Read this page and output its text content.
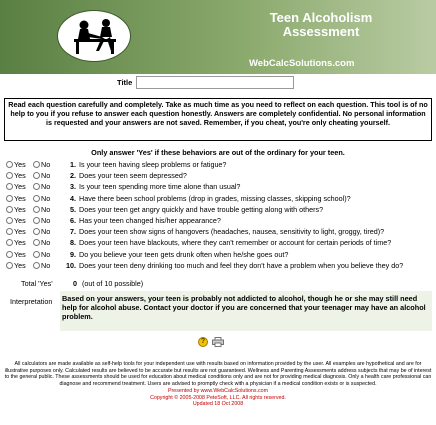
Teen Alcoholism
Assessment
WebCalcSolutions.com
Title
Read each question carefully and completely. Take as much time as you need to reflect on each question. This tool is of no help to you if you refuse to answer each question honestly. Answers are completely confidential. No personal information is requested and your answers are not saved. Remember, if you cheat, you're only cheating yourself.
Only answer 'Yes' if these behaviors are out of the ordinary for your teen.
Yes No	1. Is your teen having sleep problems or fatigue?
Yes No	2. Does your teen seem depressed?
Yes No	3. Is your teen spending more time alone than usual?
Yes No	4. Have there been school problems (drop in grades, missing classes, skipping school)?
Yes No	5. Does your teen get angry quickly and have trouble getting along with others?
Yes No	6. Has your teen changed his/her appearance?
Yes No	7. Does your teen show signs of hangovers (headaches, nausea, sensitivity to light, groggy, tired)?
Yes No	8. Does your teen have blackouts, where they can't remember or account for certain periods of time?
Yes No	9. Do you believe your teen gets drunk often when he/she goes out?
Yes No 10. Does your teen deny drinking too much and feel they don't have a problem when you believe they do?
Total 'Yes'	0 (out of 10 possible)
Interpretation Based on your answers, your teen is probably not addicted to alcohol, though he or she may still need help for alcohol abuse. Contact your doctor if you are concerned that your teenager may have an alcohol problem.
?
All calculators are made available as self-help tools for your independent use with results based on information provided by the user. All examples are hypothetical and are for illustrative purposes only. Calculated results are believed to be accurate but results are not guaranteed. Wellness and Parenting Assessments address subjects that may be of interest to the general public. These assessments should be used for education about medical conditions only and are not for providing medical diagnosis. Only a health care professional can diagnose and recommend treatment. Users are advised to promptly check with a physician if a medical condition exists or is suspected.
Presented by www.WebCalcSolutions.com
Copyright © 2005-2008 PeteSoft, LLC. All rights reserved.
Updated 18 Oct 2008
